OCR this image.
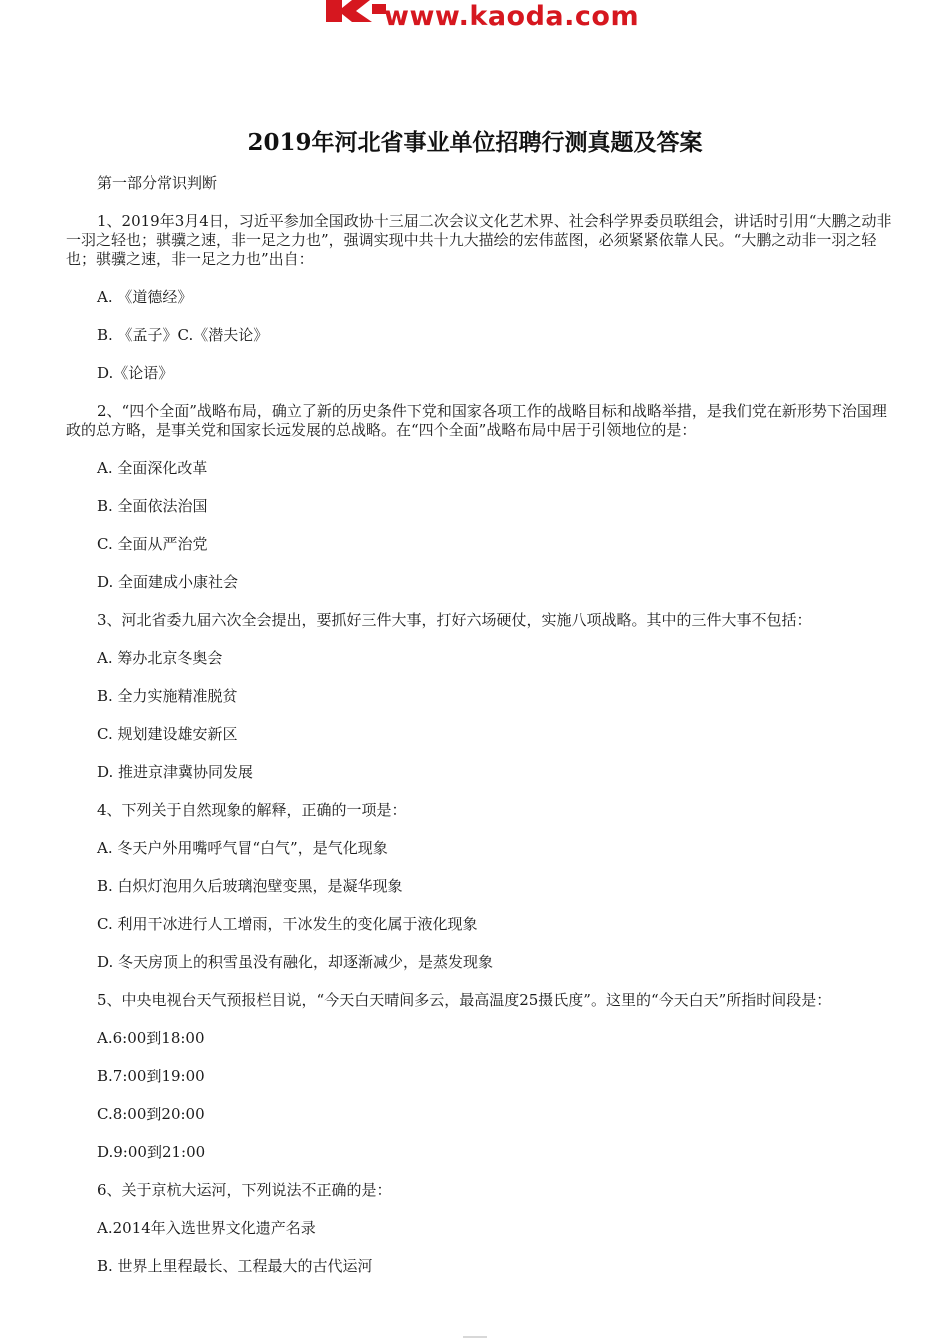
www.kaoda.com
2019年河北省事业单位招聘行测真题及答案

第一部分常识判断

1、2019年3月4日，习近平参加全国政协十三届二次会议文化艺术界、社会科学界委员联组会，讲话时引用“大鹏之动非一羽之轻也；骐骥之速，非一足之力也”，强调实现中共十九大描绘的宏伟蓝图，必须紧紧依靠人民。“大鹏之动非一羽之轻也；骐骥之速，非一足之力也”出自：

A. 《道德经》

B. 《孟子》C.《潜夫论》

D.《论语》

2、“四个全面”战略布局，确立了新的历史条件下党和国家各项工作的战略目标和战略举措，是我们党在新形势下治国理政的总方略，是事关党和国家长远发展的总战略。在“四个全面”战略布局中居于引领地位的是：

A. 全面深化改革

B. 全面依法治国

C. 全面从严治党

D. 全面建成小康社会

3、河北省委九届六次全会提出，要抓好三件大事，打好六场硬仗，实施八项战略。其中的三件大事不包括：

A. 筹办北京冬奥会

B. 全力实施精准脱贫

C. 规划建设雄安新区

D. 推进京津冀协同发展

4、下列关于自然现象的解释，正确的一项是：

A. 冬天户外用嘴呼气冒“白气”，是气化现象

B. 白炽灯泡用久后玻璃泡壁变黑，是凝华现象

C. 利用干冰进行人工增雨，干冰发生的变化属于液化现象

D. 冬天房顶上的积雪虽没有融化，却逐渐减少，是蒸发现象

5、中央电视台天气预报栏目说，“今天白天晴间多云，最高温度25摄氏度”。这里的“今天白天”所指时间段是：

A.6:00到18:00

B.7:00到19:00

C.8:00到20:00

D.9:00到21:00

6、关于京杭大运河，下列说法不正确的是：

A.2014年入选世界文化遗产名录

B. 世界上里程最长、工程最大的古代运河
